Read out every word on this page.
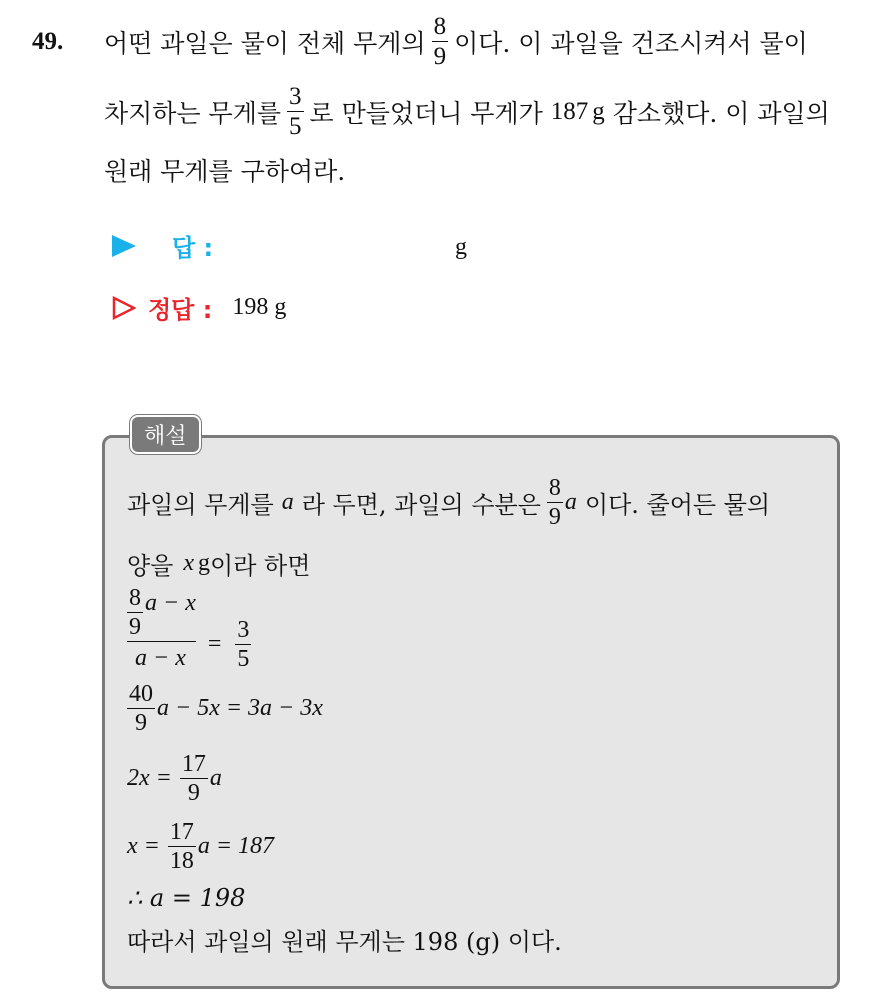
49. 어떤 과일은 물이 전체 무게의 $\frac{8}{9}$ 이다. 이 과일을 건조시켜서 물이
차지하는 무게를 $\frac{3}{5}$ 로 만들었더니 무게가 187 g 감소했다. 이 과일의
원래 무게를 구하여라.
답 :	g
정답 : 198 g
해설
과일의 무게를 a 라 두면, 과일의 수분은 $\frac{8}{9}$ a 이다. 줄어든 물의
양을 x g 이라 하면
$\frac{\frac{8}{9} a - x}{a - x} = \frac{3}{5}$
$\frac{40}{9}$ a − 5x = 3a − 3x
$2x = \frac{17}{9}$ a
$x = \frac{17}{18}$ a = 187
∴ a = 198
따라서 과일의 원래 무게는 198 (g) 이다.
